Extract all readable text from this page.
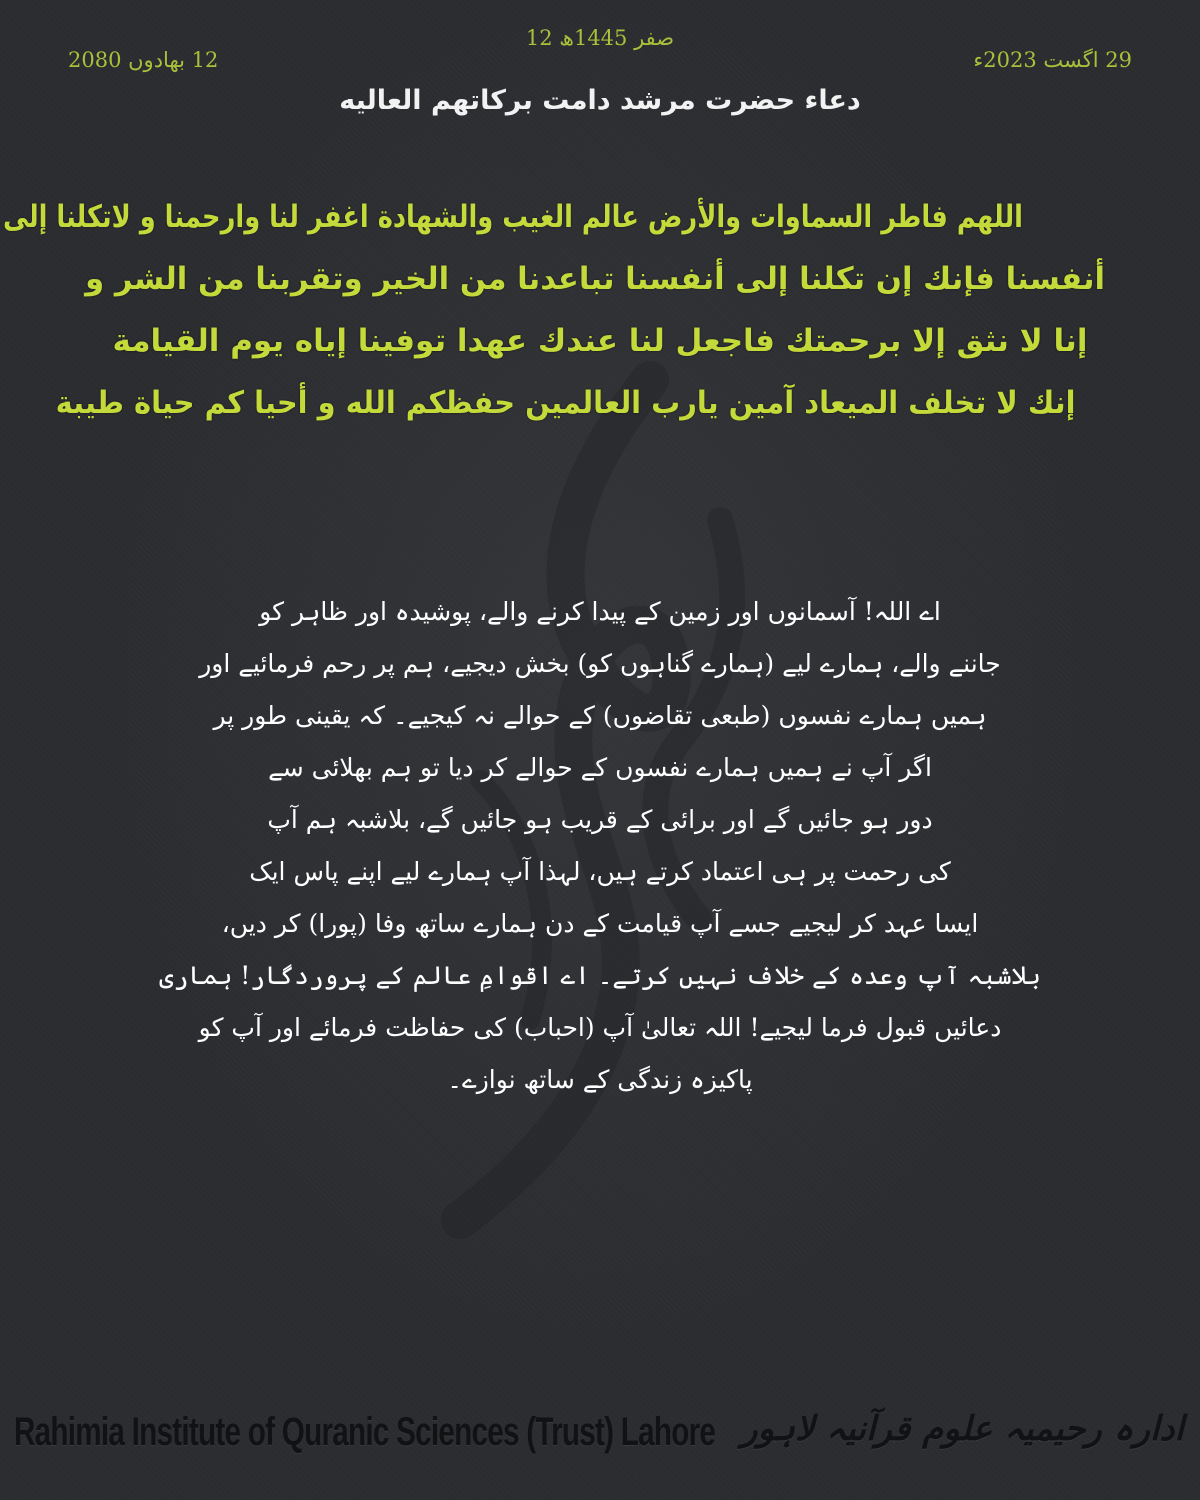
12 صفر 1445ھ
29 اگست 2023ء
12 بھادوں 2080
دعاء حضرت مرشد دامت بركاتهم العاليه
اللهم فاطر السماوات والأرض عالم الغيب والشهادة اغفر لنا وارحمنا و لاتكلنا إلى
أنفسنا فإنك إن تكلنا إلى أنفسنا تباعدنا من الخير وتقربنا من الشر و
إنا لا نثق إلا برحمتك فاجعل لنا عندك عهدا توفينا إياه يوم القيامة
إنك لا تخلف الميعاد آمين يارب العالمين حفظكم الله و أحيا كم حياة طيبة
اے اللہ! آسمانوں اور زمین کے پیدا کرنے والے، پوشیدہ اور ظاہر کو
جاننے والے، ہمارے لیے (ہمارے گناہوں کو) بخش دیجیے، ہم پر رحم فرمائیے اور
ہمیں ہمارے نفسوں (طبعی تقاضوں) کے حوالے نہ کیجیے۔ کہ یقینی طور پر
اگر آپ نے ہمیں ہمارے نفسوں کے حوالے کر دیا تو ہم بھلائی سے
دور ہو جائیں گے اور برائی کے قریب ہو جائیں گے، بلاشبہ ہم آپ
کی رحمت پر ہی اعتماد کرتے ہیں، لہذا آپ ہمارے لیے اپنے پاس ایک
ایسا عہد کر لیجیے جسے آپ قیامت کے دن ہمارے ساتھ وفا (پورا) کر دیں،
بلاشبہ آپ وعدہ کے خلاف نہیں کرتے۔ اے اقوامِ عالم کے پروردگار! ہماری
دعائیں قبول فرما لیجیے! اللہ تعالیٰ آپ (احباب) کی حفاظت فرمائے اور آپ کو
پاکیزہ زندگی کے ساتھ نوازے۔
Rahimia Institute of Quranic Sciences (Trust) Lahore ادارہ رحیمیہ علوم قرآنیہ لاہور
